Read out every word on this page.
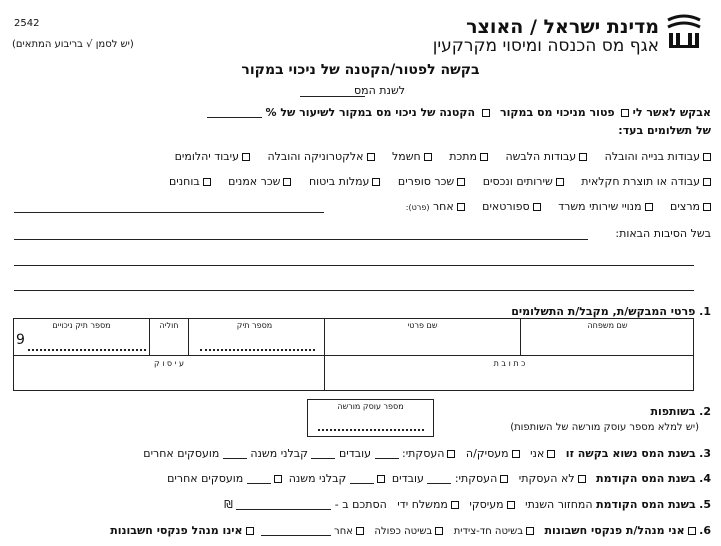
2542
(יש לסמן √ בריבוע המתאים)
מדינת ישראל / האוצר
אגף מס הכנסה ומיסוי מקרקעין
בקשה לפטור/הקטנה של ניכוי במקור
לשנת המס
אבקש לאשר לי  פטור מניכוי מס במקור    הקטנה של ניכוי מס במקור לשיעור של %
של תשלומים בעד:
עבודות בנייה והובלה     עבודות הלבשה     מתכת     חשמל     אלקטרוניקה והובלה     עיבוד יהלומים
עבודה או תוצרת חקלאית     שירותים ונכסים     שכר סופרים     עמלות ביטוח     שכר אמנים     בוחנים
מרצים     מנויי שירותי משרד     ספורטאים     אחר (פרט):
בשל הסיבות הבאות:
1. פרטי המבקש/ת, מקבל/ת התשלומים
שם משפחה
שם פרטי
מספר תיק
חוליה
מספר תיק ניכויים
9
כ ת ו ב ת
ע י ס ו ק
מספר עוסק מורשה	2. בשותפות
(יש למלא מספר עוסק מורשה של השותפות)
3. בשנת המס נשוא בקשה זו   אני   מעסיק/ה   העסקתי:  עובדים  קבלני משנה  מועסקים אחרים
4. בשנת המס הקודמת   לא העסקתי   העסקתי:  עובדים   קבלני משנה   מועסקים אחרים
5. בשנת המס הקודמת המחזור השנתי   מעיסקי   ממשלח ידי   הסתכם ב -  ₪
6. אני מנהל/ת פנקסי חשבונות   בשיטה חד-צידית   בשיטה כפולה   אחר   אינו מנהל פנקסי חשבונות
